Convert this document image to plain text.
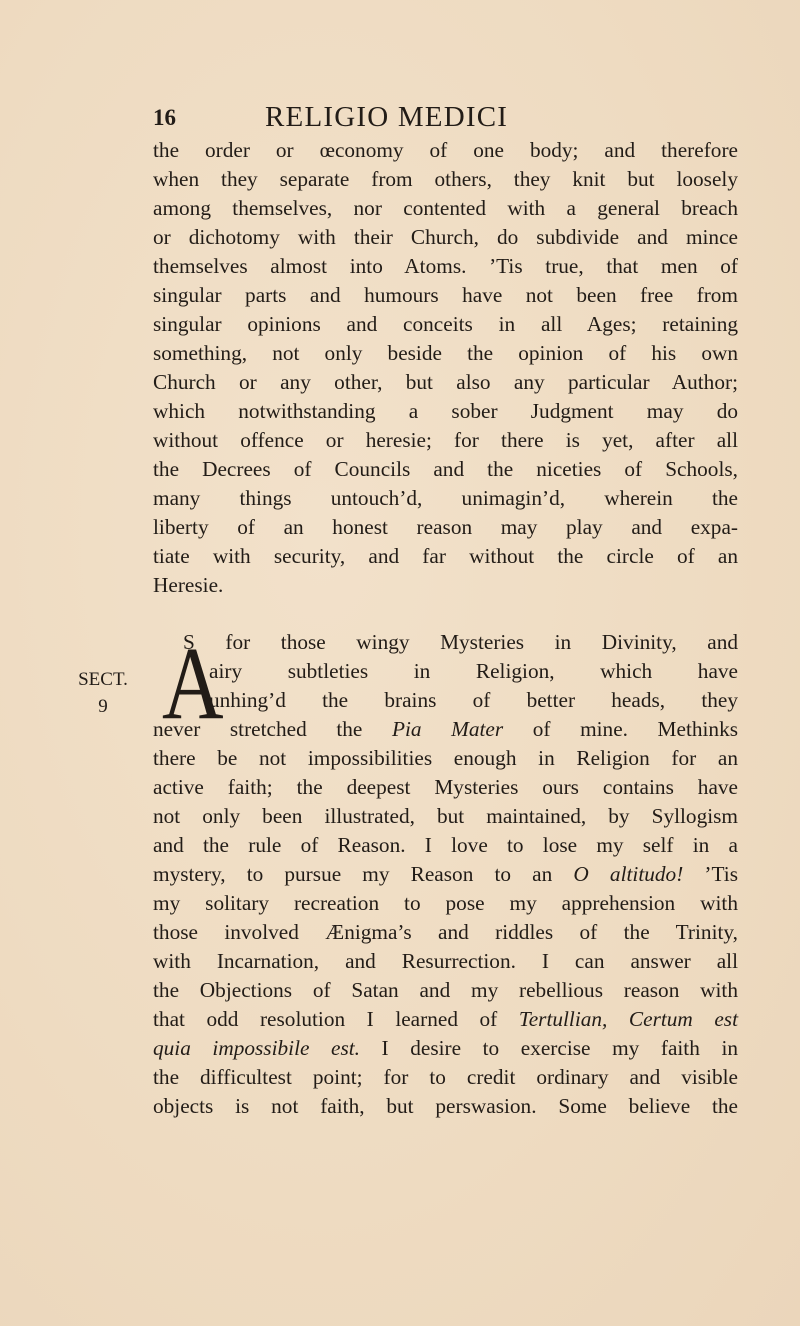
16	RELIGIO MEDICI
SECT.
9 A
the order or œconomy of one body; and therefore
when they separate from others, they knit but loosely
among themselves, nor contented with a general breach
or dichotomy with their Church, do subdivide and mince
themselves almost into Atoms. ’Tis true, that men of
singular parts and humours have not been free from
singular opinions and conceits in all Ages; retaining
something, not only beside the opinion of his own
Church or any other, but also any particular Author;
which notwithstanding a sober Judgment may do
without offence or heresie; for there is yet, after all
the Decrees of Councils and the niceties of Schools,
many things untouch’d, unimagin’d, wherein the
liberty of an honest reason may play and expa-
tiate with security, and far without the circle of an
Heresie.
S for those wingy Mysteries in Divinity, and
airy subtleties in Religion, which have
unhing’d the brains of better heads, they
never stretched the Pia Mater of mine. Methinks
there be not impossibilities enough in Religion for an
active faith; the deepest Mysteries ours contains have
not only been illustrated, but maintained, by Syllogism
and the rule of Reason. I love to lose my self in a
mystery, to pursue my Reason to an O altitudo! ’Tis
my solitary recreation to pose my apprehension with
those involved Ænigma’s and riddles of the Trinity,
with Incarnation, and Resurrection. I can answer all
the Objections of Satan and my rebellious reason with
that odd resolution I learned of Tertullian, Certum est
quia impossibile est. I desire to exercise my faith in
the difficultest point; for to credit ordinary and visible
objects is not faith, but perswasion. Some believe the
